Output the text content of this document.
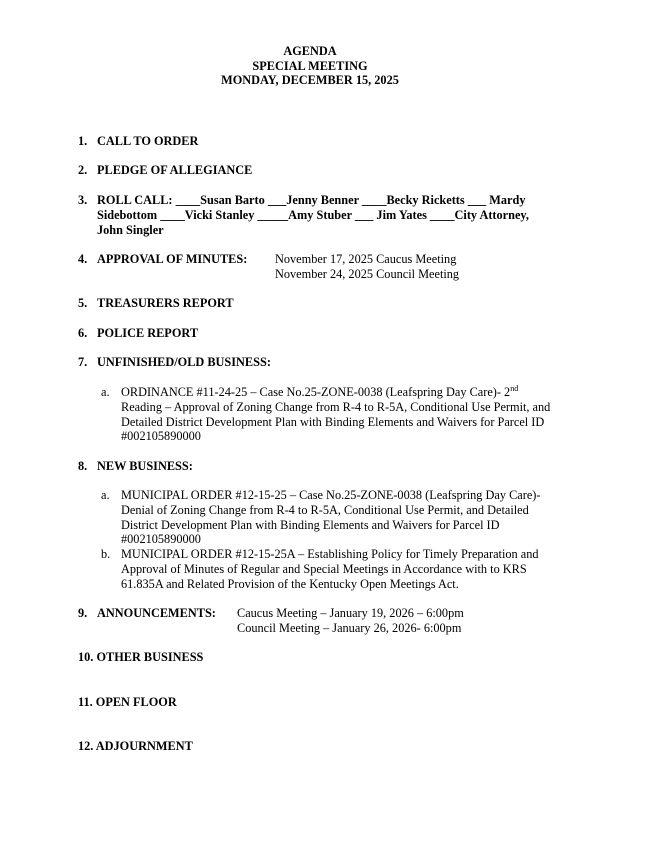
AGENDA
SPECIAL MEETING
MONDAY, DECEMBER 15, 2025
1. CALL TO ORDER
2. PLEDGE OF ALLEGIANCE
3. ROLL CALL: ____Susan Barto ___Jenny Benner ____Becky Ricketts ___ Mardy
Sidebottom ____Vicki Stanley _____Amy Stuber ___ Jim Yates ____City Attorney,
John Singler
4. APPROVAL OF MINUTES: November 17, 2025 Caucus Meeting
November 24, 2025 Council Meeting
5. TREASURERS REPORT
6. POLICE REPORT
7. UNFINISHED/OLD BUSINESS:
a. ORDINANCE #11-24-25 – Case No.25-ZONE-0038 (Leafspring Day Care)- 2nd
Reading – Approval of Zoning Change from R-4 to R-5A, Conditional Use Permit, and
Detailed District Development Plan with Binding Elements and Waivers for Parcel ID
#002105890000
8. NEW BUSINESS:
a. MUNICIPAL ORDER #12-15-25 – Case No.25-ZONE-0038 (Leafspring Day Care)-
Denial of Zoning Change from R-4 to R-5A, Conditional Use Permit, and Detailed
District Development Plan with Binding Elements and Waivers for Parcel ID
#002105890000
b. MUNICIPAL ORDER #12-15-25A – Establishing Policy for Timely Preparation and
Approval of Minutes of Regular and Special Meetings in Accordance with to KRS
61.835A and Related Provision of the Kentucky Open Meetings Act.
9. ANNOUNCEMENTS: Caucus Meeting – January 19, 2026 – 6:00pm
Council Meeting – January 26, 2026- 6:00pm
10. OTHER BUSINESS
11. OPEN FLOOR
12. ADJOURNMENT
